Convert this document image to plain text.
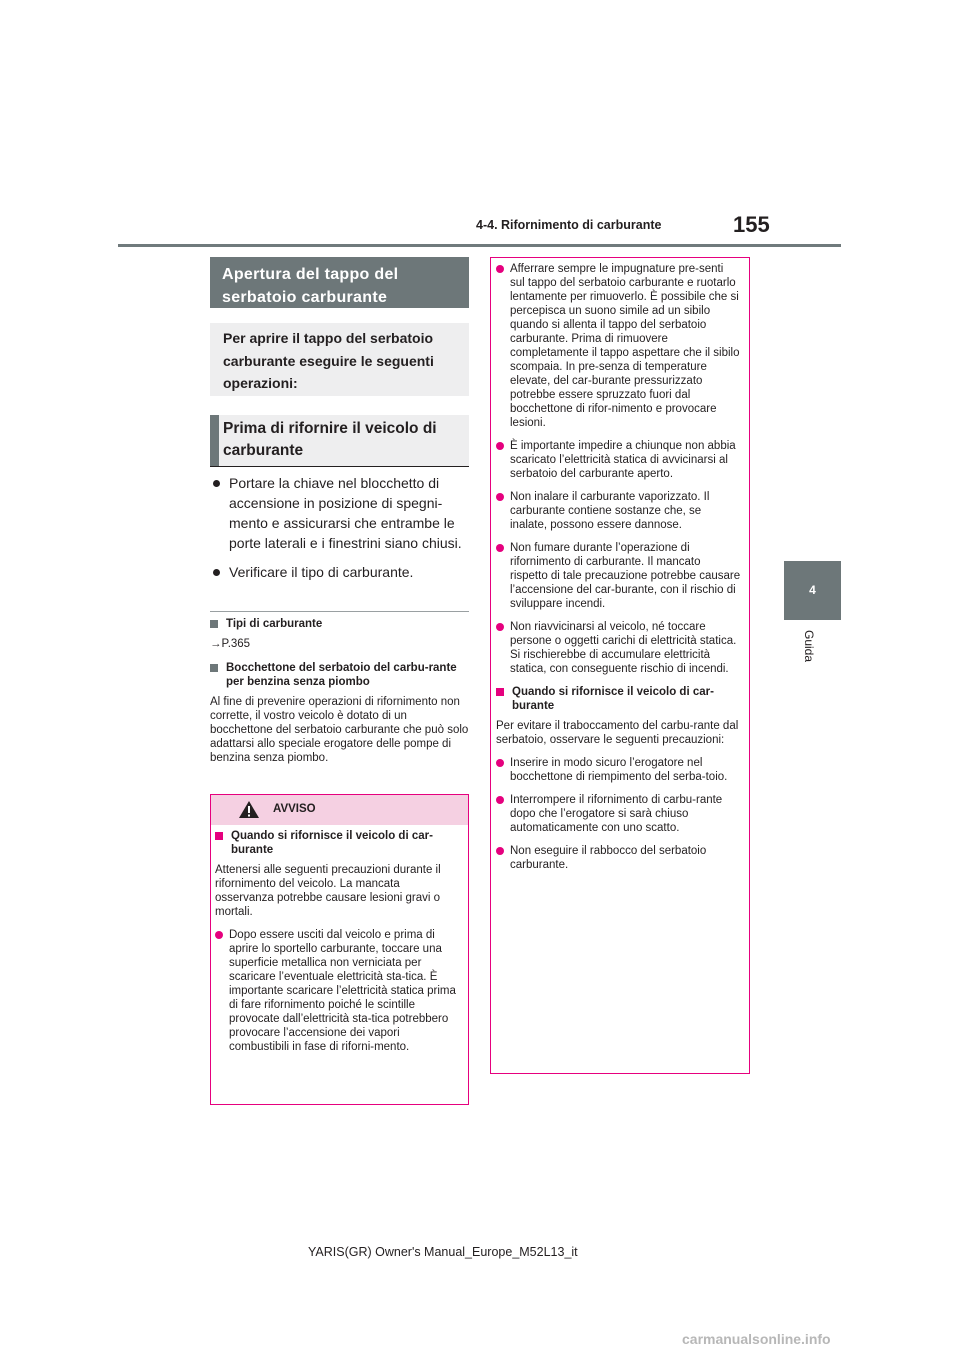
155
4-4. Rifornimento di carburante
4
Guida
Apertura del tappo del serbatoio carburante
Per aprire il tappo del serbatoio carburante eseguire le seguenti operazioni:
Prima di rifornire il veicolo di carburante
Portare la chiave nel blocchetto di accensione in posizione di spegni-mento e assicurarsi che entrambe le porte laterali e i finestrini siano chiusi.
Verificare il tipo di carburante.
Tipi di carburante
→P.365
Bocchettone del serbatoio del carbu-rante per benzina senza piombo
Al fine di prevenire operazioni di rifornimento non corrette, il vostro veicolo è dotato di un bocchettone del serbatoio carburante che può solo adattarsi allo speciale erogatore delle pompe di benzina senza piombo.
AVVISO
Quando si rifornisce il veicolo di car-burante
Attenersi alle seguenti precauzioni durante il rifornimento del veicolo. La mancata osservanza potrebbe causare lesioni gravi o mortali.
Dopo essere usciti dal veicolo e prima di aprire lo sportello carburante, toccare una superficie metallica non verniciata per scaricare l’eventuale elettricità sta-tica. È importante scaricare l’elettricità statica prima di fare rifornimento poiché le scintille provocate dall’elettricità sta-tica potrebbero provocare l’accensione dei vapori combustibili in fase di riforni-mento.
Afferrare sempre le impugnature pre-senti sul tappo del serbatoio carburante e ruotarlo lentamente per rimuoverlo. È possibile che si percepisca un suono simile ad un sibilo quando si allenta il tappo del serbatoio carburante. Prima di rimuovere completamente il tappo aspettare che il sibilo scompaia. In pre-senza di temperature elevate, del car-burante pressurizzato potrebbe essere spruzzato fuori dal bocchettone di rifor-nimento e provocare lesioni.
È importante impedire a chiunque non abbia scaricato l’elettricità statica di avvicinarsi al serbatoio del carburante aperto.
Non inalare il carburante vaporizzato. Il carburante contiene sostanze che, se inalate, possono essere dannose.
Non fumare durante l’operazione di rifornimento di carburante. Il mancato rispetto di tale precauzione potrebbe causare l’accensione del car-burante, con il rischio di sviluppare incendi.
Non riavvicinarsi al veicolo, né toccare persone o oggetti carichi di elettricità statica. Si rischierebbe di accumulare elettricità statica, con conseguente rischio di incendi.
Quando si rifornisce il veicolo di car-burante
Per evitare il traboccamento del carbu-rante dal serbatoio, osservare le seguenti precauzioni:
Inserire in modo sicuro l’erogatore nel bocchettone di riempimento del serba-toio.
Interrompere il rifornimento di carbu-rante dopo che l’erogatore si sarà chiuso automaticamente con uno scatto.
Non eseguire il rabbocco del serbatoio carburante.
YARIS(GR) Owner's Manual_Europe_M52L13_it
carmanualsonline.info
